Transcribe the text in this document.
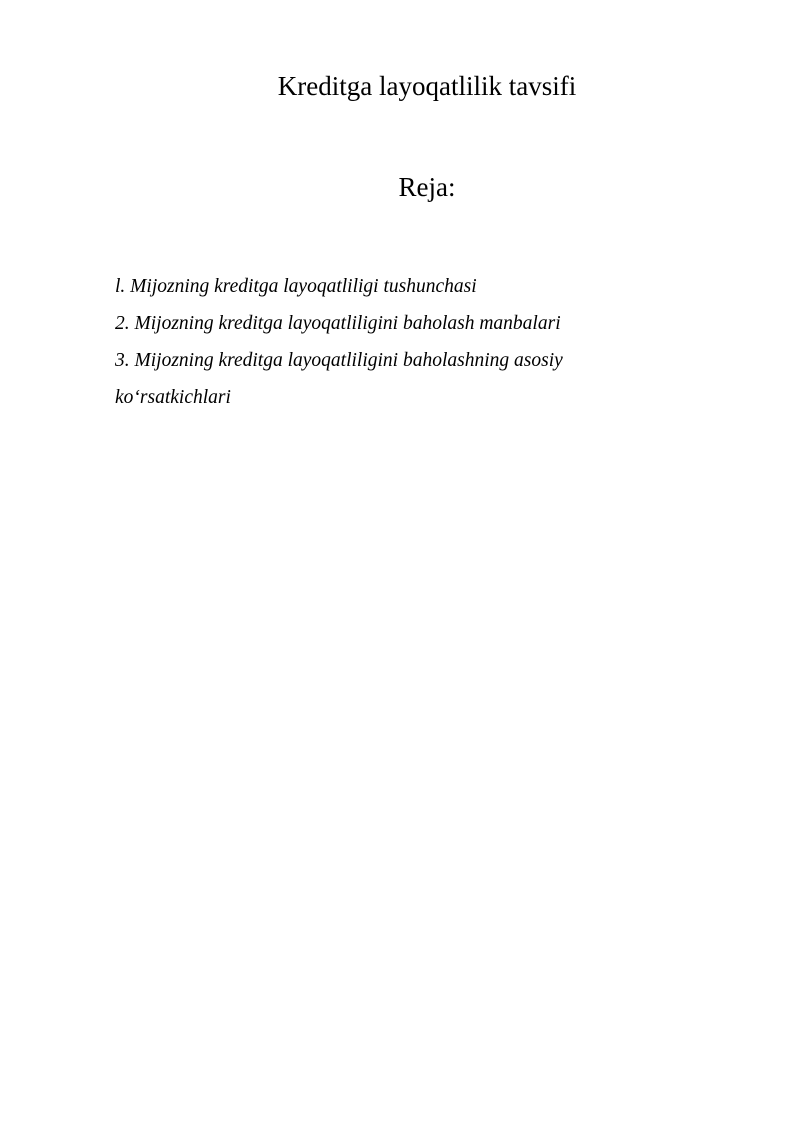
Kreditga layoqatlilik tavsifi
Reja:
l. Mijozning kreditga layoqatliligi tushunchasi
2. Mijozning kreditga layoqatliligini baholash manbalari
3. Mijozning kreditga layoqatliligini baholashning asosiy ko‘rsatkichlari
